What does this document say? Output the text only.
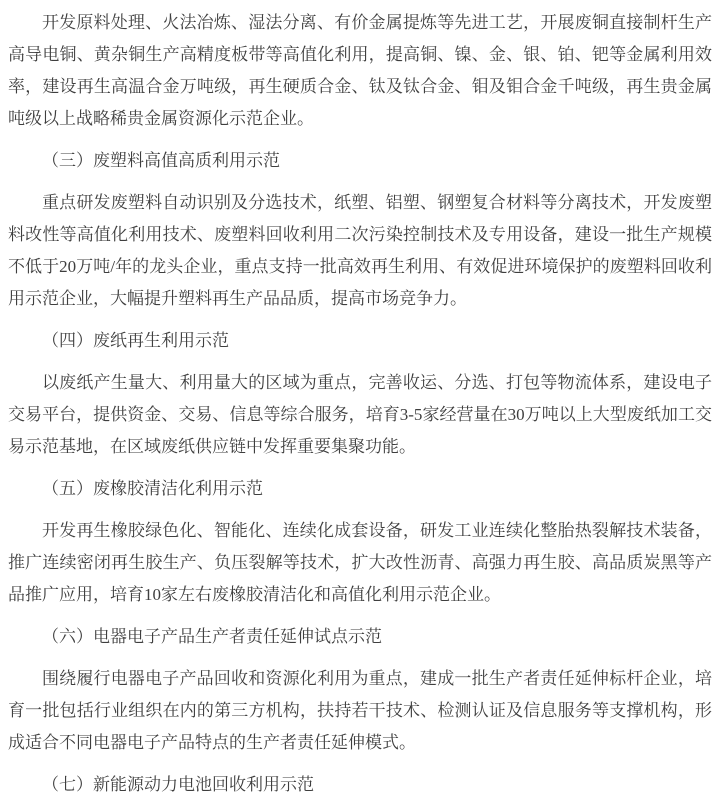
开发原料处理、火法冶炼、湿法分离、有价金属提炼等先进工艺，开展废铜直接制杆生产高导电铜、黄杂铜生产高精度板带等高值化利用，提高铜、镍、金、银、铂、钯等金属利用效率，建设再生高温合金万吨级，再生硬质合金、钛及钛合金、钼及钼合金千吨级，再生贵金属吨级以上战略稀贵金属资源化示范企业。

（三）废塑料高值高质利用示范

重点研发废塑料自动识别及分选技术，纸塑、铝塑、钢塑复合材料等分离技术，开发废塑料改性等高值化利用技术、废塑料回收利用二次污染控制技术及专用设备，建设一批生产规模不低于20万吨/年的龙头企业，重点支持一批高效再生利用、有效促进环境保护的废塑料回收利用示范企业，大幅提升塑料再生产品品质，提高市场竞争力。

（四）废纸再生利用示范

以废纸产生量大、利用量大的区域为重点，完善收运、分选、打包等物流体系，建设电子交易平台，提供资金、交易、信息等综合服务，培育3-5家经营量在30万吨以上大型废纸加工交易示范基地，在区域废纸供应链中发挥重要集聚功能。

（五）废橡胶清洁化利用示范

开发再生橡胶绿色化、智能化、连续化成套设备，研发工业连续化整胎热裂解技术装备，推广连续密闭再生胶生产、负压裂解等技术，扩大改性沥青、高强力再生胶、高品质炭黑等产品推广应用，培育10家左右废橡胶清洁化和高值化利用示范企业。

（六）电器电子产品生产者责任延伸试点示范

围绕履行电器电子产品回收和资源化利用为重点，建成一批生产者责任延伸标杆企业，培育一批包括行业组织在内的第三方机构，扶持若干技术、检测认证及信息服务等支撑机构，形成适合不同电器电子产品特点的生产者责任延伸模式。

（七）新能源动力电池回收利用示范
